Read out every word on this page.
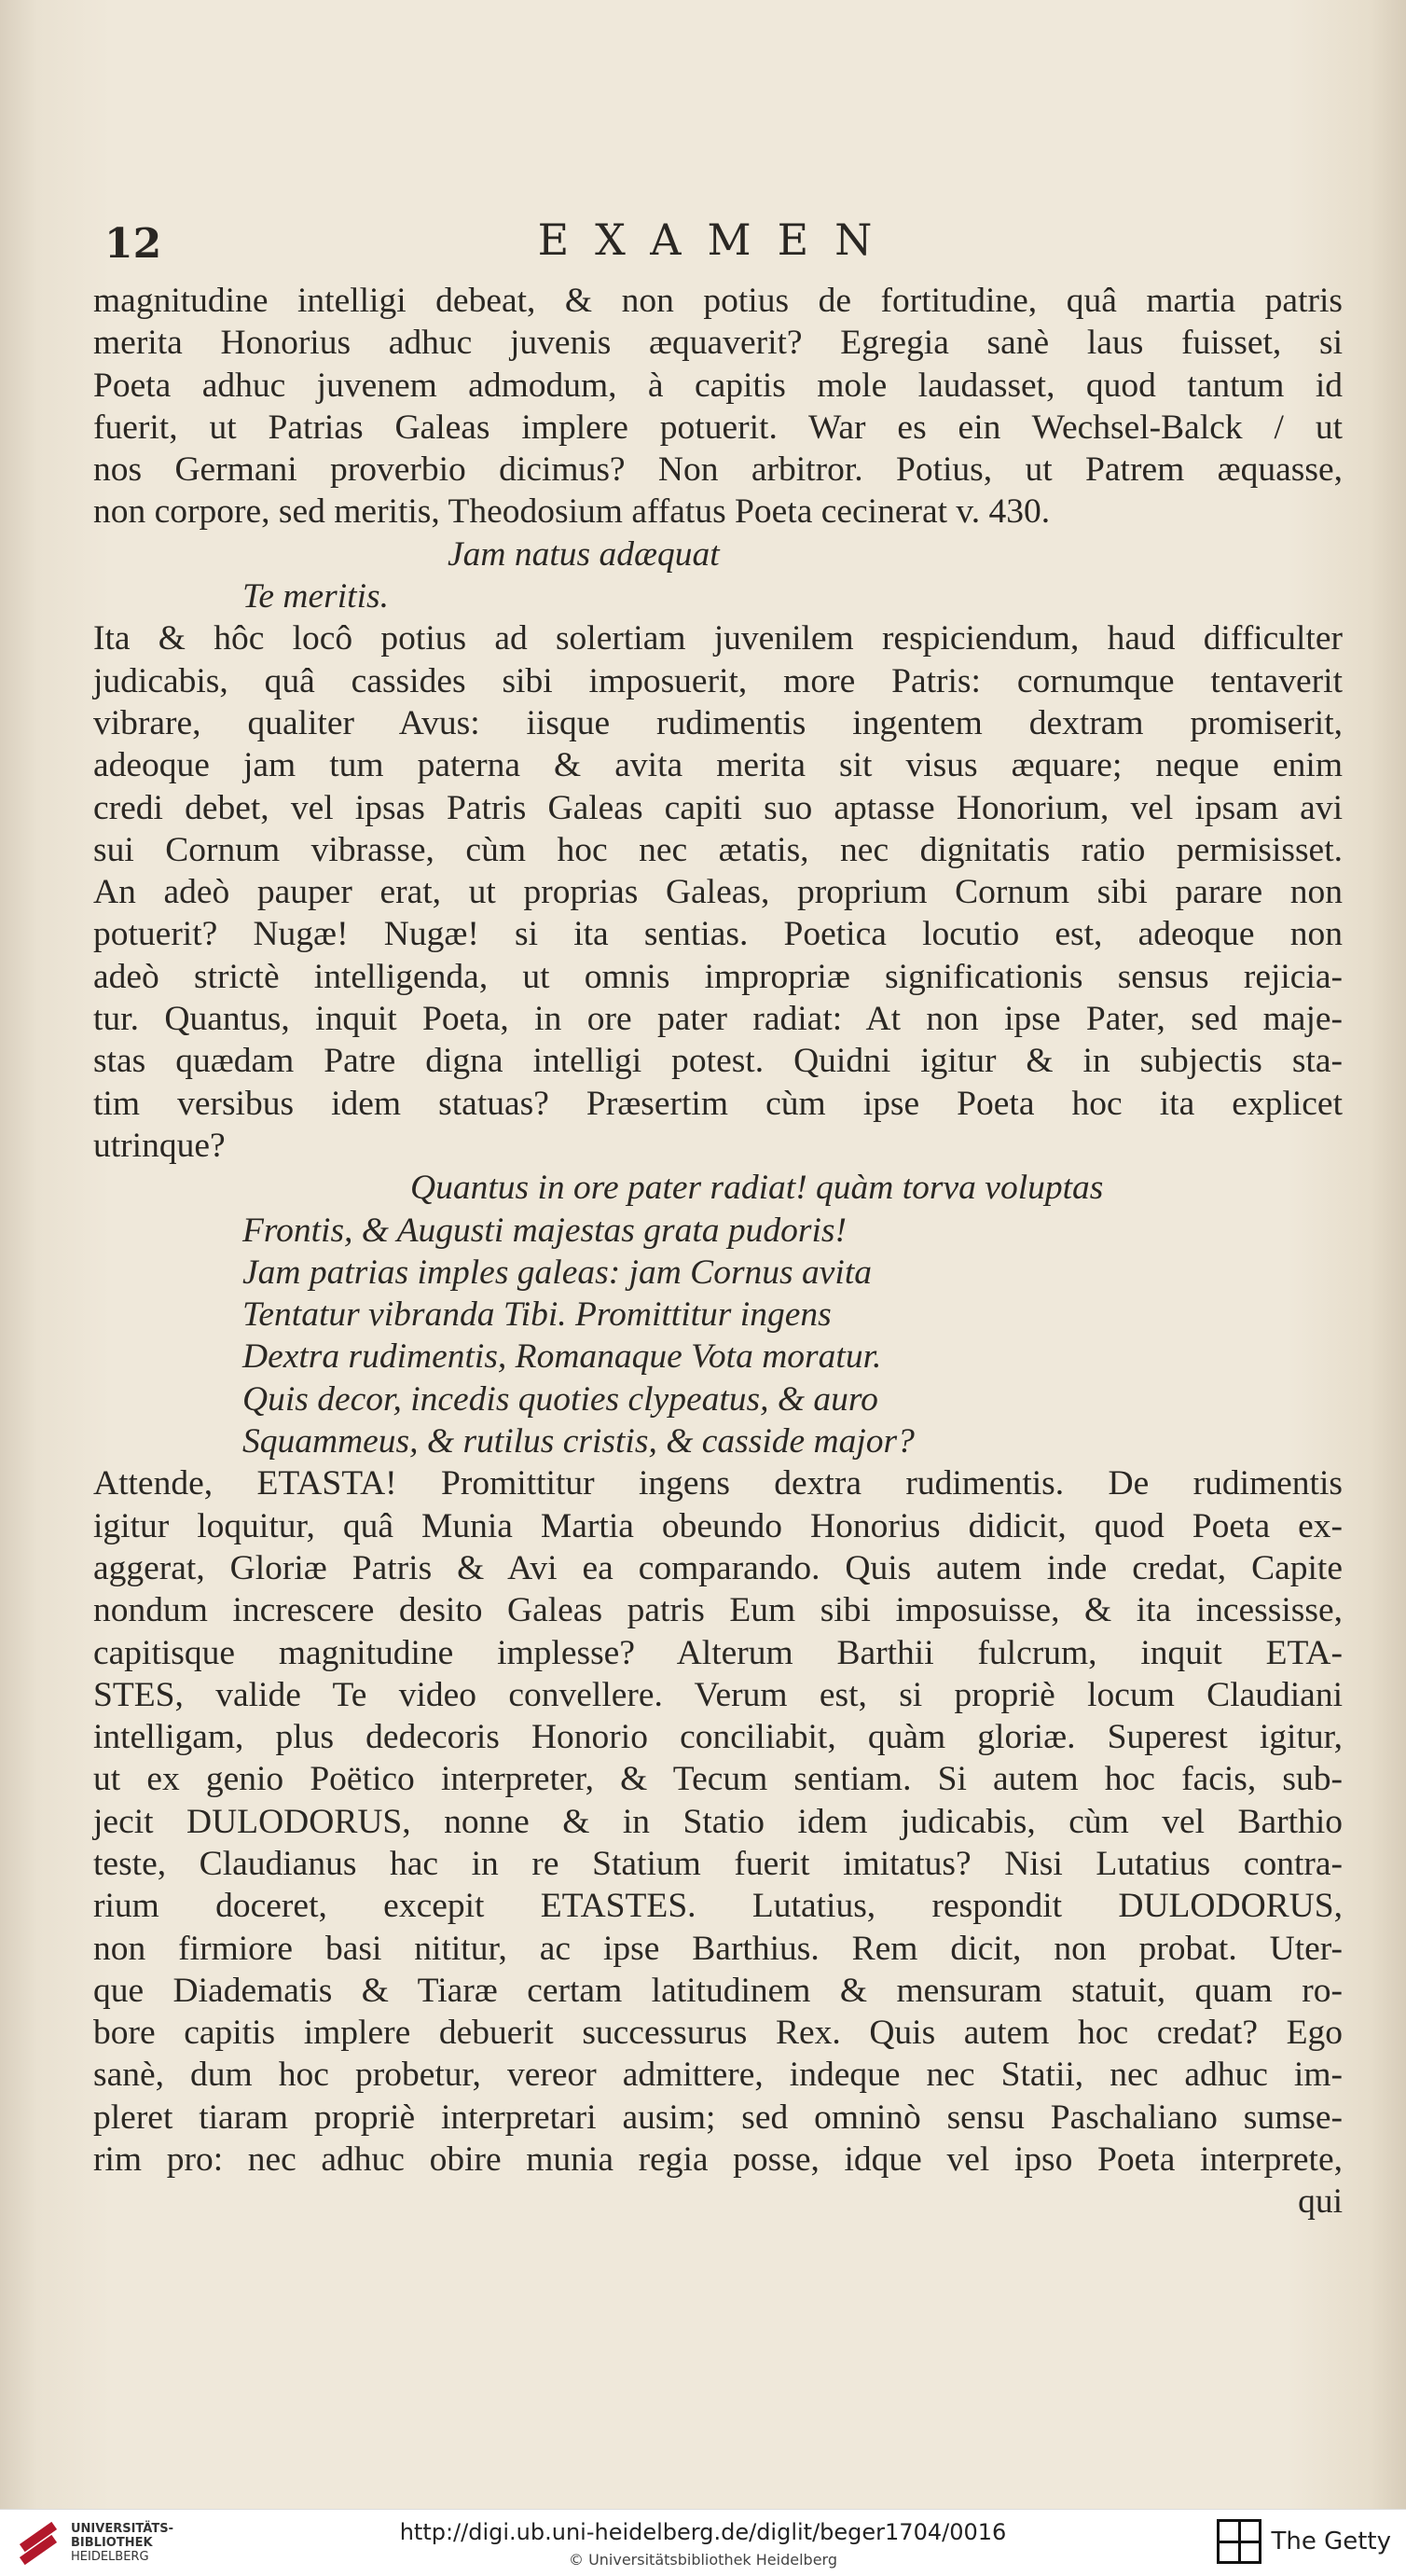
12	EXAMEN
magnitudine intelligi debeat, & non potius de fortitudine, quâ martia patris
merita Honorius adhuc juvenis æquaverit? Egregia sanè laus fuisset, si
Poeta adhuc juvenem admodum, à capitis mole laudasset, quod tantum id
fuerit, ut Patrias Galeas implere potuerit. War es ein Wechsel-Balck / ut
nos Germani proverbio dicimus? Non arbitror. Potius, ut Patrem æquasse,
non corpore, sed meritis, Theodosium affatus Poeta cecinerat v. 430.
Jam natus adæquat
Te meritis.
Ita & hôc locô potius ad solertiam juvenilem respiciendum, haud difficulter
judicabis, quâ cassides sibi imposuerit, more Patris: cornumque tentaverit
vibrare, qualiter Avus: iisque rudimentis ingentem dextram promiserit,
adeoque jam tum paterna & avita merita sit visus æquare; neque enim
credi debet, vel ipsas Patris Galeas capiti suo aptasse Honorium, vel ipsam avi
sui Cornum vibrasse, cùm hoc nec ætatis, nec dignitatis ratio permisisset.
An adeò pauper erat, ut proprias Galeas, proprium Cornum sibi parare non
potuerit? Nugæ! Nugæ! si ita sentias. Poetica locutio est, adeoque non
adeò strictè intelligenda, ut omnis impropriæ significationis sensus rejicia-
tur. Quantus, inquit Poeta, in ore pater radiat: At non ipse Pater, sed maje-
stas quædam Patre digna intelligi potest. Quidni igitur & in subjectis sta-
tim versibus idem statuas? Præsertim cùm ipse Poeta hoc ita explicet
utrinque?
Quantus in ore pater radiat! quàm torva voluptas
Frontis, & Augusti majestas grata pudoris!
Jam patrias imples galeas: jam Cornus avita
Tentatur vibranda Tibi. Promittitur ingens
Dextra rudimentis, Romanaque Vota moratur.
Quis decor, incedis quoties clypeatus, & auro
Squammeus, & rutilus cristis, & casside major?
Attende, ETASTA! Promittitur ingens dextra rudimentis. De rudimentis
igitur loquitur, quâ Munia Martia obeundo Honorius didicit, quod Poeta ex-
aggerat, Gloriæ Patris & Avi ea comparando. Quis autem inde credat, Capite
nondum increscere desito Galeas patris Eum sibi imposuisse, & ita incessisse,
capitisque magnitudine implesse? Alterum Barthii fulcrum, inquit ETA-
STES, valide Te video convellere. Verum est, si propriè locum Claudiani
intelligam, plus dedecoris Honorio conciliabit, quàm gloriæ. Superest igitur,
ut ex genio Poëtico interpreter, & Tecum sentiam. Si autem hoc facis, sub-
jecit DULODORUS, nonne & in Statio idem judicabis, cùm vel Barthio
teste, Claudianus hac in re Statium fuerit imitatus? Nisi Lutatius contra-
rium doceret, excepit ETASTES. Lutatius, respondit DULODORUS,
non firmiore basi nititur, ac ipse Barthius. Rem dicit, non probat. Uter-
que Diadematis & Tiaræ certam latitudinem & mensuram statuit, quam ro-
bore capitis implere debuerit successurus Rex. Quis autem hoc credat? Ego
sanè, dum hoc probetur, vereor admittere, indeque nec Statii, nec adhuc im-
pleret tiaram propriè interpretari ausim; sed omninò sensu Paschaliano sumse-
rim pro: nec adhuc obire munia regia posse, idque vel ipso Poeta interprete,
qui
UNIVERSITÄTS-
BIBLIOTHEK
HEIDELBERG
http://digi.ub.uni-heidelberg.de/diglit/beger1704/0016
© Universitätsbibliothek Heidelberg
The Getty
